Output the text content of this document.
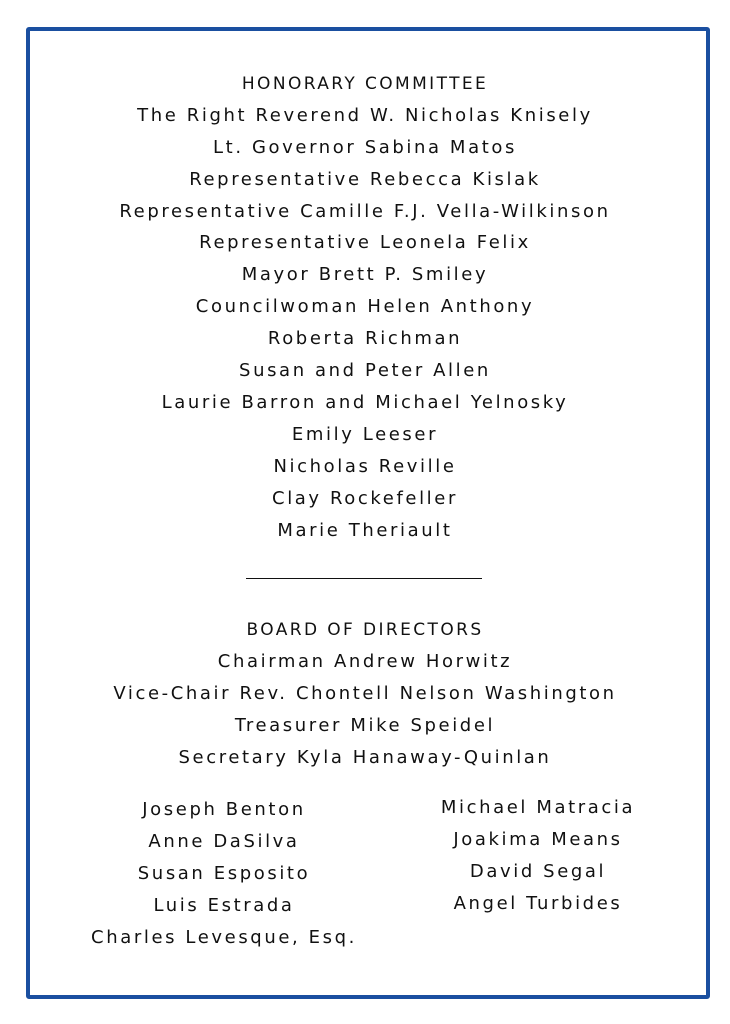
HONORARY COMMITTEE
The Right Reverend W. Nicholas Knisely
Lt. Governor Sabina Matos
Representative Rebecca Kislak
Representative Camille F.J. Vella-Wilkinson
Representative Leonela Felix
Mayor Brett P. Smiley
Councilwoman Helen Anthony
Roberta Richman
Susan and Peter Allen
Laurie Barron and Michael Yelnosky
Emily Leeser
Nicholas Reville
Clay Rockefeller
Marie Theriault
BOARD OF DIRECTORS
Chairman Andrew Horwitz
Vice-Chair Rev. Chontell Nelson Washington
Treasurer Mike Speidel
Secretary Kyla Hanaway-Quinlan
Joseph Benton
Anne DaSilva
Susan Esposito
Luis Estrada
Charles Levesque, Esq.
Michael Matracia
Joakima Means
David Segal
Angel Turbides
